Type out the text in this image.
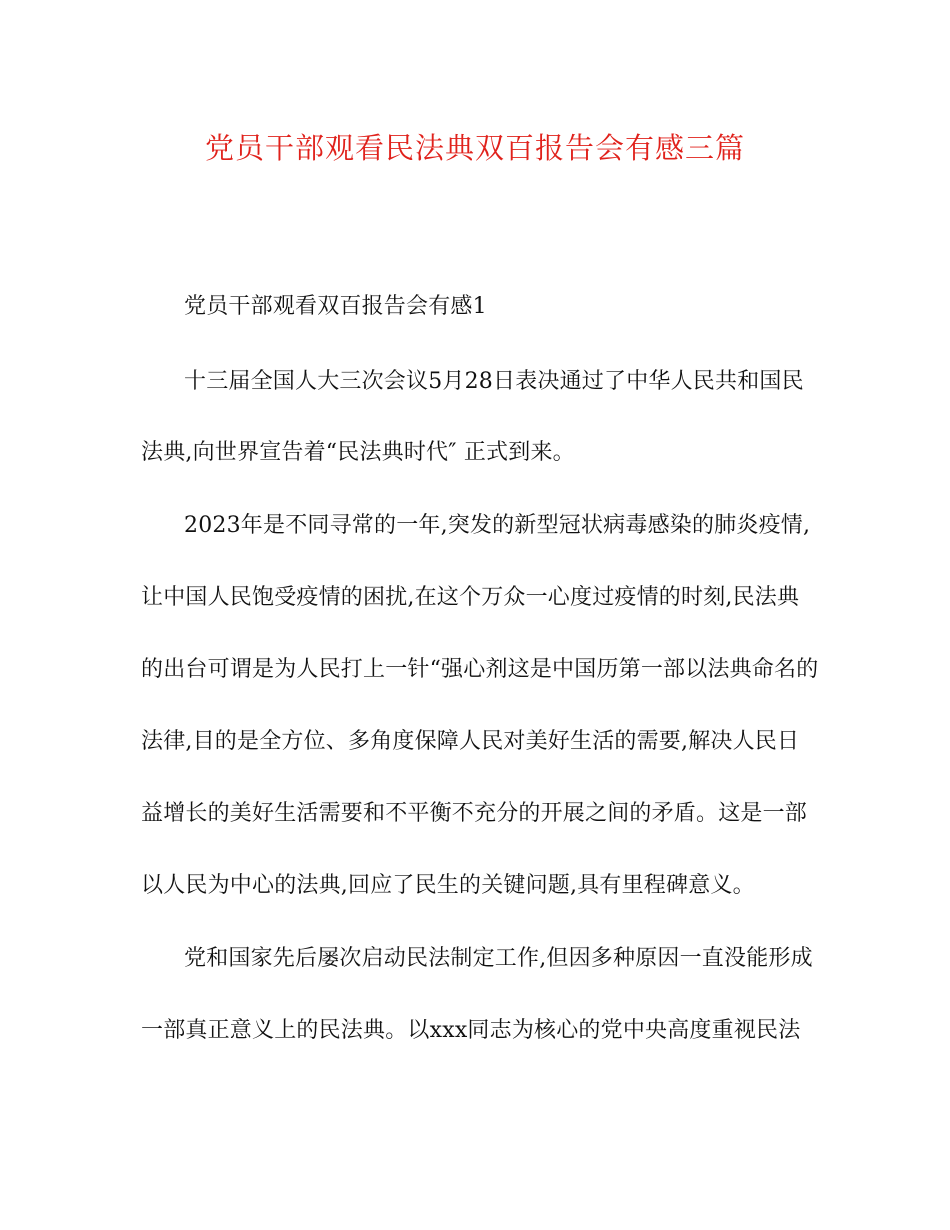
党员干部观看民法典双百报告会有感三篇
党员干部观看双百报告会有感1
十三届全国人大三次会议5月28日表决通过了中华人民共和国民
法典,向世界宣告着“民法典时代″ 正式到来。
2023年是不同寻常的一年,突发的新型冠状病毒感染的肺炎疫情,
让中国人民饱受疫情的困扰,在这个万众一心度过疫情的时刻,民法典
的出台可谓是为人民打上一针“强心剂这是中国历第一部以法典命名的
法律,目的是全方位、多角度保障人民对美好生活的需要,解决人民日
益增长的美好生活需要和不平衡不充分的开展之间的矛盾。这是一部
以人民为中心的法典,回应了民生的关键问题,具有里程碑意义。
党和国家先后屡次启动民法制定工作,但因多种原因一直没能形成
一部真正意义上的民法典。以xxx同志为核心的党中央高度重视民法
